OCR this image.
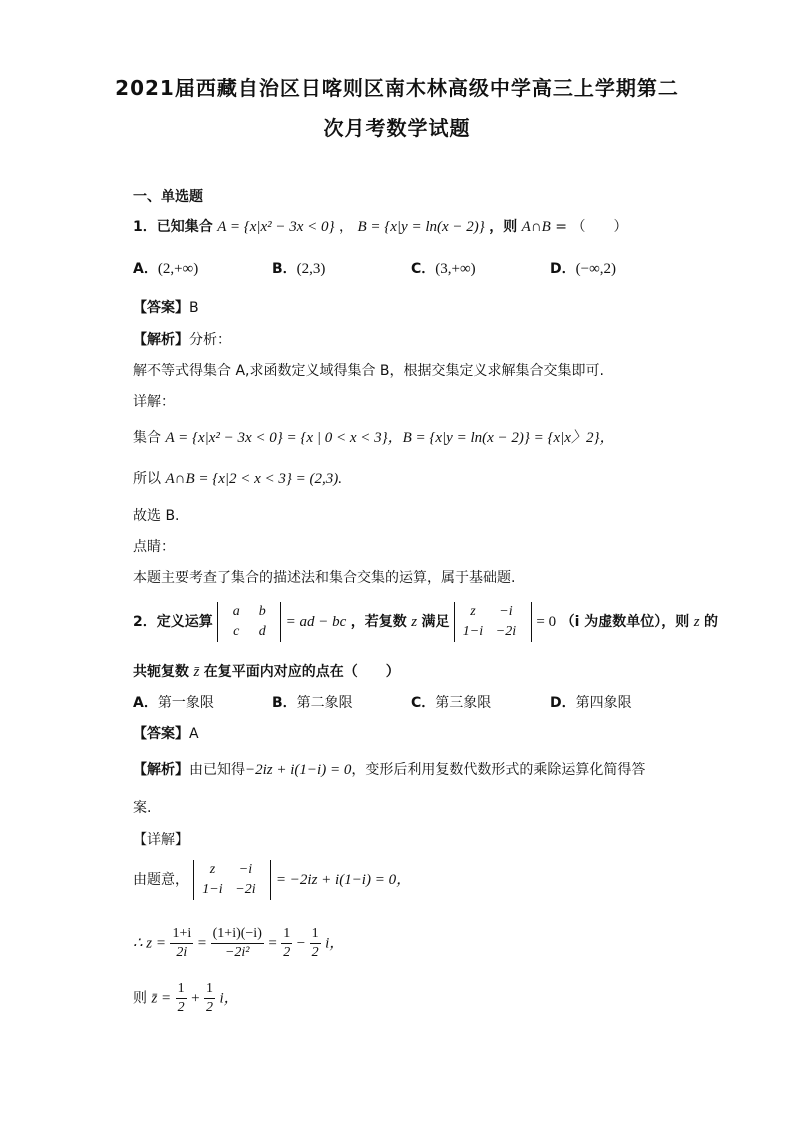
2021届西藏自治区日喀则区南木林高级中学高三上学期第二
次月考数学试题
一、单选题
1．已知集合 A = {x|x² − 3x < 0} ， B = {x|y = ln(x − 2)} ，则 A∩B = （　　）
A．(2,+∞)	B．(2,3)	C．(3,+∞)	D．(−∞,2)
【答案】B
【解析】分析：
解不等式得集合 A,求函数定义域得集合 B，根据交集定义求解集合交集即可.
详解：
集合 A = {x|x² − 3x < 0} = {x | 0 < x < 3}，B = {x|y = ln(x − 2)} = {x|x〉2}，
所以 A∩B = {x|2 < x < 3} = (2,3).
故选 B.
点睛：
本题主要考查了集合的描述法和集合交集的运算，属于基础题.
2．定义运算 a b
c d = ad − bc ，若复数 z 满足 z −i
1−i −2i = 0 （i 为虚数单位），则 z 的
共轭复数 z̄ 在复平面内对应的点在（　　）
A．第一象限	B．第二象限	C．第三象限	D．第四象限
【答案】A
【解析】由已知得−2iz + i(1−i) = 0，变形后利用复数代数形式的乘除运算化简得答
案.
【详解】
由题意， z −i
1−i −2i = −2iz + i(1−i) = 0，
∴ $z = \frac{1+i}{2i} = \frac{(1+i)(-i)}{\text{−2i²}} = \frac{1}{2} - \frac{1}{2}$ i，
则 z̄ = $\frac{1}{2} + \frac{1}{2}$ i，
